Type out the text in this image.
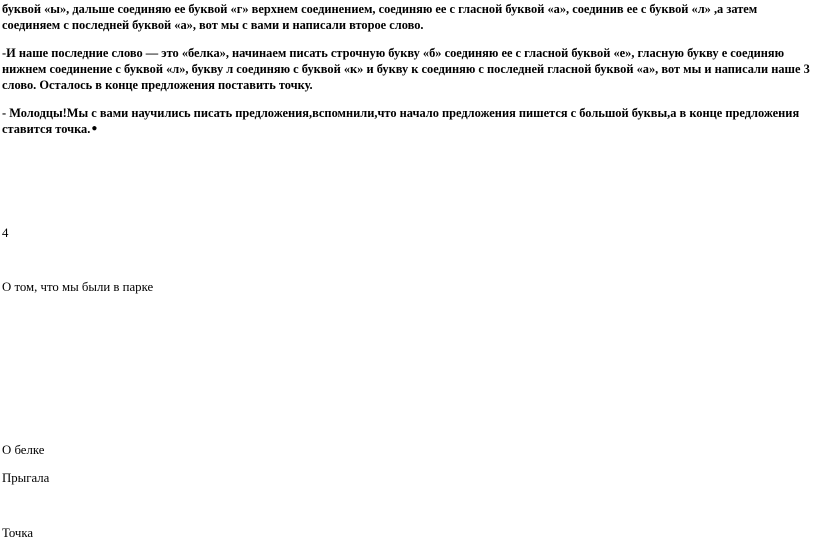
буквой «ы», дальше соединяю ее буквой «г» верхнем соединением, соединяю ее с гласной буквой «а», соединив ее с буквой «л» ,а затем соединяем с последней буквой «а», вот мы с вами и написали второе слово.

-И наше последние слово — это «белка», начинаем писать строчную букву «б» соединяю ее с гласной буквой «е», гласную букву е соединяю нижнем соединение с буквой «л», букву л соединяю с буквой «к» и букву к соединяю с последней гласной буквой «а», вот мы и написали наше 3 слово. Осталось в конце предложения поставить точку.

- Молодцы!Мы с вами научились писать предложения,вспомнили,что начало предложения пишется с большой буквы,а в конце предложения ставится точка.●

4

О том, что мы были в парке

О белке

Прыгала

Точка
